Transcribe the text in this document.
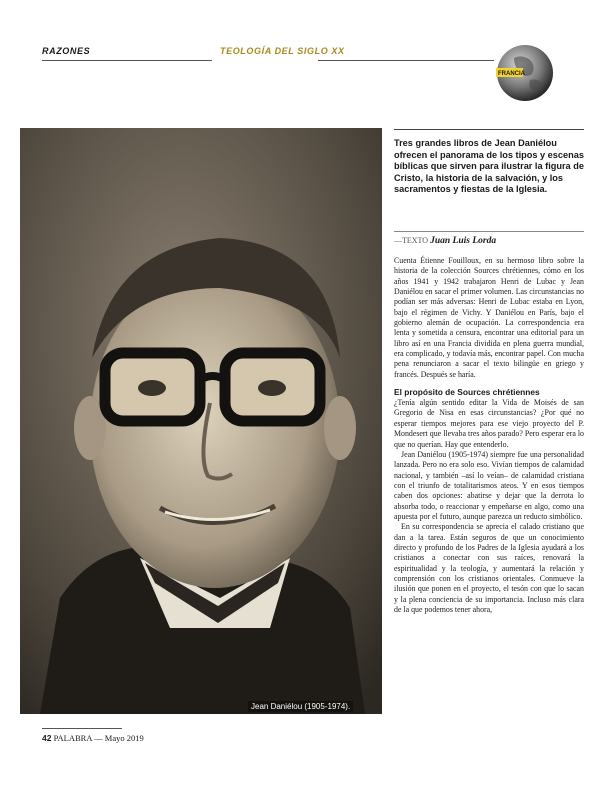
RAZONES	TEOLOGÍA DEL SIGLO XX
FRANCIA
Jean Daniélou (1905-1974).

Tres grandes libros de Jean Daniélou ofrecen el panorama de los tipos y escenas bíblicas que sirven para ilustrar la figura de Cristo, la historia de la salvación, y los sacramentos y fiestas de la Iglesia.

—TEXTO Juan Luis Lorda

Cuenta Étienne Fouilloux, en su hermoso libro sobre la historia de la colección Sources chrétiennes, cómo en los años 1941 y 1942 trabajaron Henri de Lubac y Jean Daniélou en sacar el primer volumen. Las circunstancias no podían ser más adversas: Henri de Lubac estaba en Lyon, bajo el régimen de Vichy. Y Daniélou en París, bajo el gobierno alemán de ocupación. La correspondencia era lenta y sometida a censura, encontrar una editorial para un libro así en una Francia dividida en plena guerra mundial, era complicado, y todavía más, encontrar papel. Con mucha pena renunciaron a sacar el texto bilingüe en griego y francés. Después se haría.

El propósito de Sources chrétiennes

¿Tenía algún sentido editar la Vida de Moisés de san Gregorio de Nisa en esas circunstancias? ¿Por qué no esperar tiempos mejores para ese viejo proyecto del P. Mondesert que llevaba tres años parado? Pero esperar era lo que no querían. Hay que entenderlo.

Jean Daniélou (1905-1974) siempre fue una personalidad lanzada. Pero no era solo eso. Vivían tiempos de calamidad nacional, y también –así lo veían– de calamidad cristiana con el triunfo de totalitarismos ateos. Y en esos tiempos caben dos opciones: abatirse y dejar que la derrota lo absorba todo, o reaccionar y empeñarse en algo, como una apuesta por el futuro, aunque parezca un reducto simbólico.

En su correspondencia se aprecia el calado cristiano que dan a la tarea. Están seguros de que un conocimiento directo y profundo de los Padres de la Iglesia ayudará a los cristianos a conectar con sus raíces, renovará la espiritualidad y la teología, y aumentará la relación y comprensión con los cristianos orientales. Conmueve la ilusión que ponen en el proyecto, el tesón con que lo sacan y la plena conciencia de su importancia. Incluso más clara de la que podemos tener ahora,

42 PALABRA — Mayo 2019
